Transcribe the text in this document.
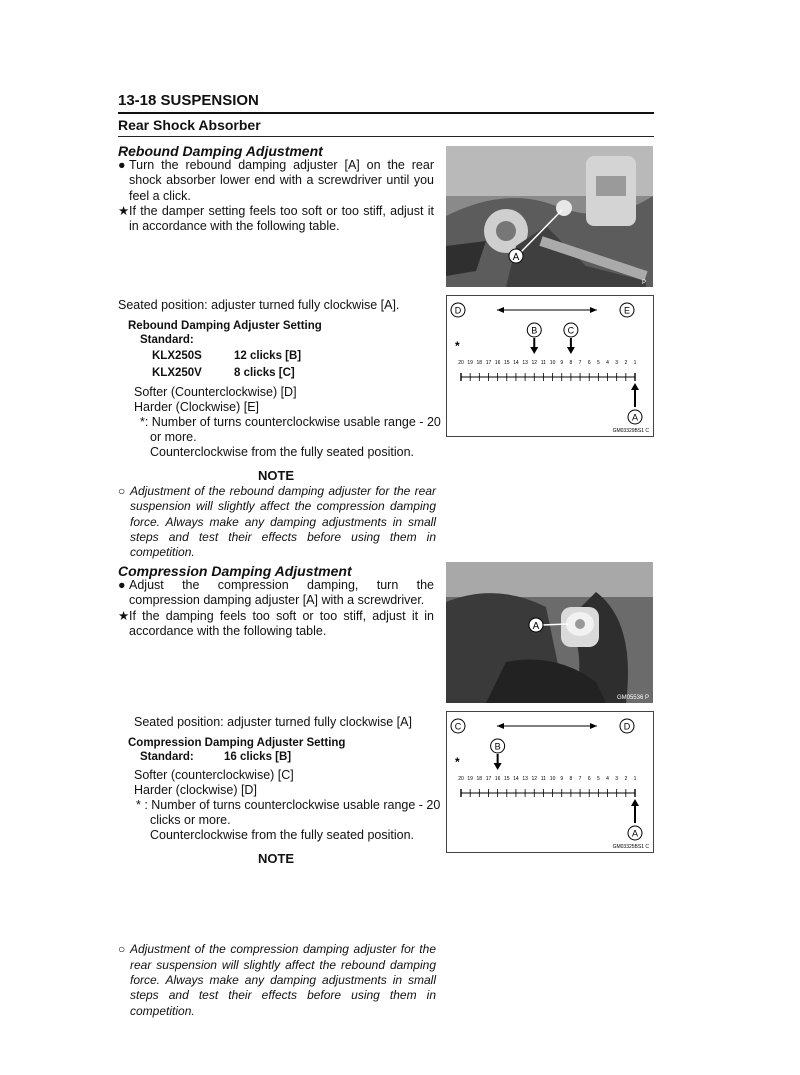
13-18 SUSPENSION
Rear Shock Absorber
Rebound Damping Adjustment
● Turn the rebound damping adjuster [A] on the rear shock absorber lower end with a screwdriver until you feel a click.
★ If the damper setting feels too soft or too stiff, adjust it in accordance with the following table.
A
P
Seated position: adjuster turned fully clockwise [A].
Rebound Damping Adjuster Setting
Standard:
KLX250S	12 clicks [B]
KLX250V	8 clicks [C]
Softer (Counterclockwise) [D]
Harder (Clockwise) [E]
*: Number of turns counterclockwise usable range - 20 or more.
Counterclockwise from the fully seated position.
D	E
*
B	C
20 19 18 17 16 15 14 13 12 11 10 9 8 7 6 5 4 3 2 1
A
GM03329BS1 C
NOTE
○ Adjustment of the rebound damping adjuster for the rear suspension will slightly affect the compression damping force. Always make any damping adjustments in small steps and test their effects before using them in competition.
Compression Damping Adjustment
● Adjust the compression damping, turn the compression damping adjuster [A] with a screwdriver.
★ If the damping feels too soft or too stiff, adjust it in accordance with the following table.	A
GM05536 P
Seated position: adjuster turned fully clockwise [A]
Compression Damping Adjuster Setting
Standard:	16 clicks [B]
Softer (counterclockwise) [C]
Harder (clockwise) [D]
* : Number of turns counterclockwise usable range - 20 clicks or more.
Counterclockwise from the fully seated position.
C	D
*
B
20 19 18 17 16 15 14 13 12 11 10 9 8 7 6 5 4 3 2 1
A
GM03325BS1 C
NOTE
○ Adjustment of the compression damping adjuster for the rear suspension will slightly affect the rebound damping force. Always make any damping adjustments in small steps and test their effects before using them in competition.
